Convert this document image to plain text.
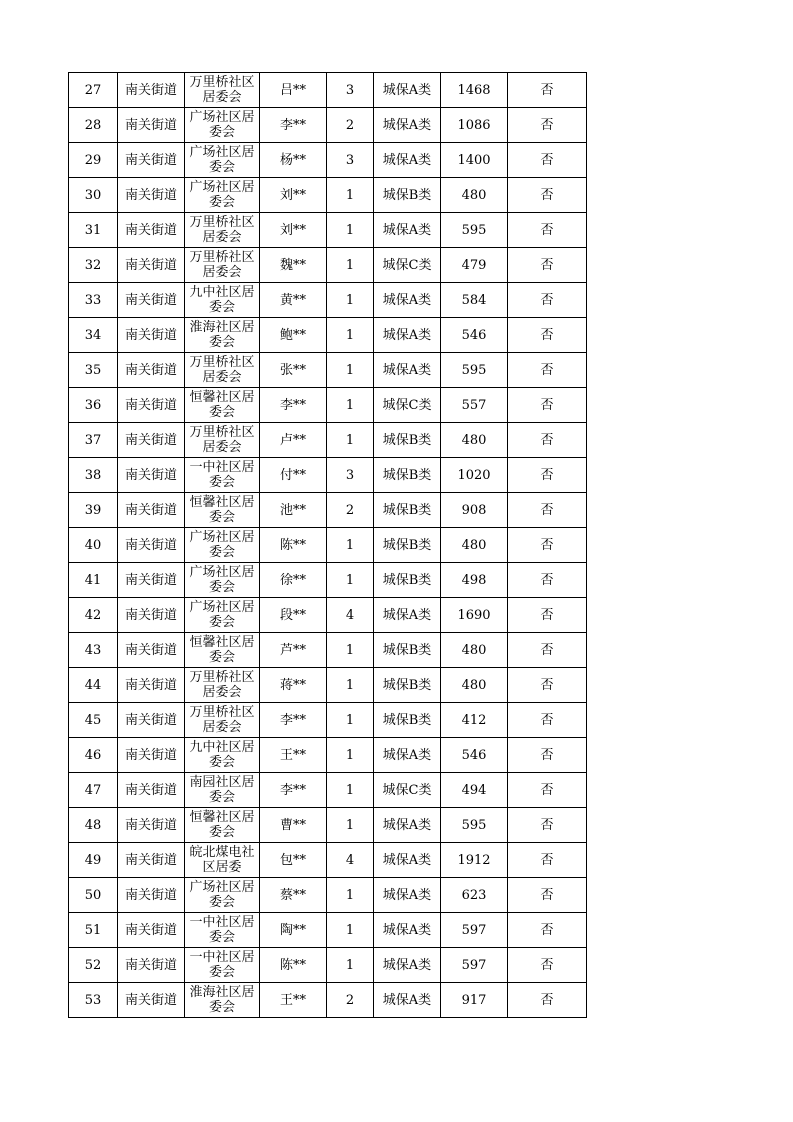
27	南关街道	万里桥社区居委会	吕**	3	城保A类	1468	否
28	南关街道	广场社区居委会	李**	2	城保A类	1086	否
29	南关街道	广场社区居委会	杨**	3	城保A类	1400	否
30	南关街道	广场社区居委会	刘**	1	城保B类	480	否
31	南关街道	万里桥社区居委会	刘**	1	城保A类	595	否
32	南关街道	万里桥社区居委会	魏**	1	城保C类	479	否
33	南关街道	九中社区居委会	黄**	1	城保A类	584	否
34	南关街道	淮海社区居委会	鲍**	1	城保A类	546	否
35	南关街道	万里桥社区居委会	张**	1	城保A类	595	否
36	南关街道	恒馨社区居委会	李**	1	城保C类	557	否
37	南关街道	万里桥社区居委会	卢**	1	城保B类	480	否
38	南关街道	一中社区居委会	付**	3	城保B类	1020	否
39	南关街道	恒馨社区居委会	池**	2	城保B类	908	否
40	南关街道	广场社区居委会	陈**	1	城保B类	480	否
41	南关街道	广场社区居委会	徐**	1	城保B类	498	否
42	南关街道	广场社区居委会	段**	4	城保A类	1690	否
43	南关街道	恒馨社区居委会	芦**	1	城保B类	480	否
44	南关街道	万里桥社区居委会	蒋**	1	城保B类	480	否
45	南关街道	万里桥社区居委会	李**	1	城保B类	412	否
46	南关街道	九中社区居委会	王**	1	城保A类	546	否
47	南关街道	南园社区居委会	李**	1	城保C类	494	否
48	南关街道	恒馨社区居委会	曹**	1	城保A类	595	否
49	南关街道	皖北煤电社区居委	包**	4	城保A类	1912	否
50	南关街道	广场社区居委会	蔡**	1	城保A类	623	否
51	南关街道	一中社区居委会	陶**	1	城保A类	597	否
52	南关街道	一中社区居委会	陈**	1	城保A类	597	否
53	南关街道	淮海社区居委会	王**	2	城保A类	917	否
